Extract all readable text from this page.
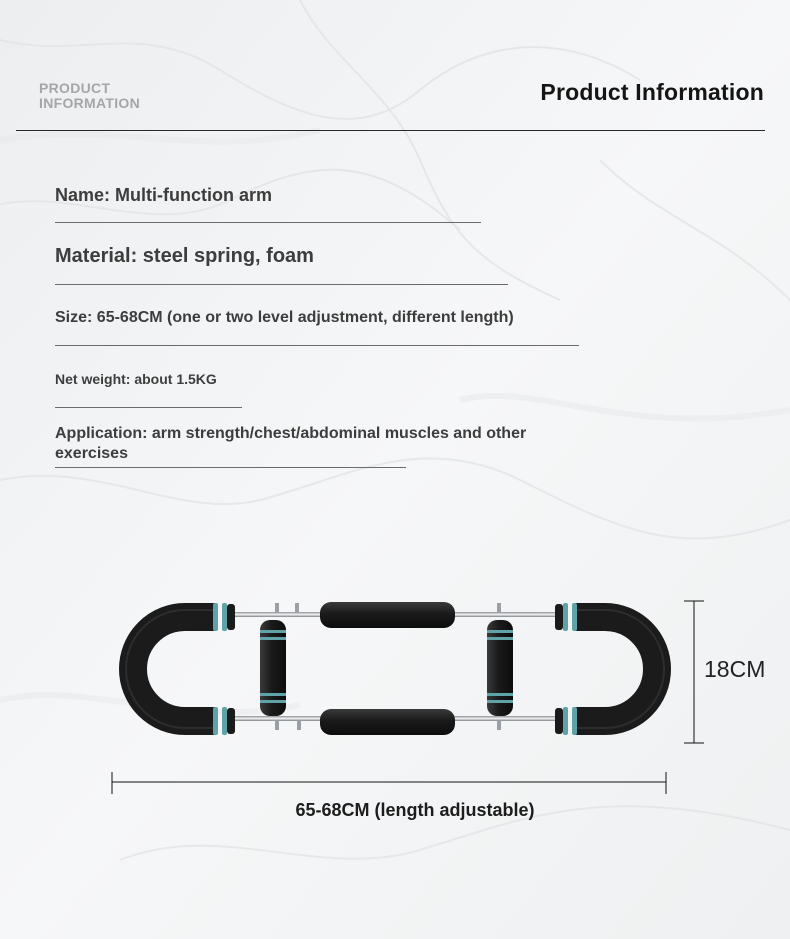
PRODUCT
INFORMATION	Product Information
Name: Multi-function arm
Material: steel spring, foam
Size: 65-68CM (one or two level adjustment, different length)
Net weight: about 1.5KG
Application: arm strength/chest/abdominal muscles and other exercises
18CM
65-68CM (length adjustable)
